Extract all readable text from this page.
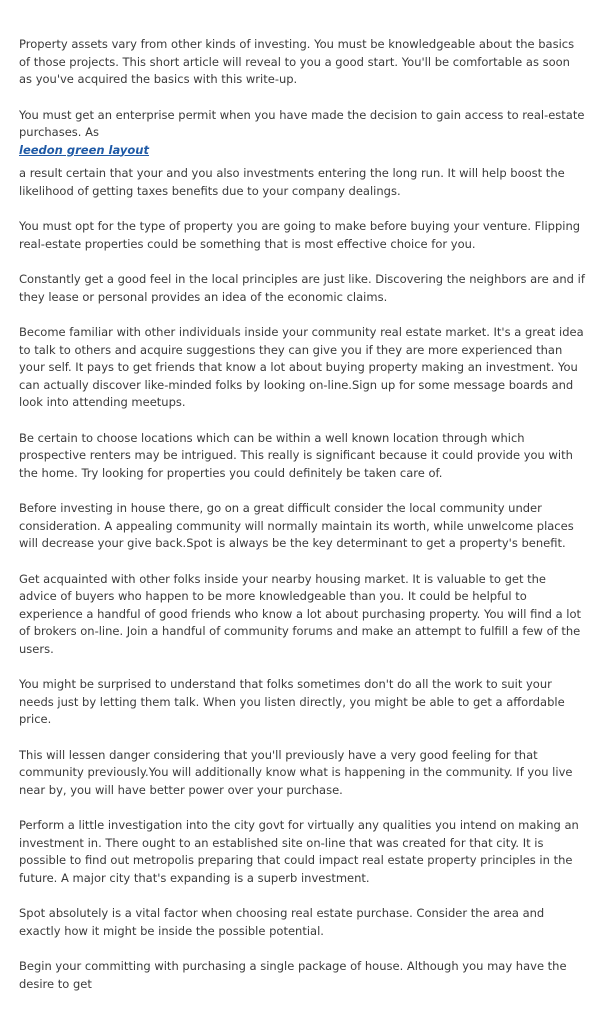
Property assets vary from other kinds of investing. You must be knowledgeable about the basics of those projects. This short article will reveal to you a good start. You'll be comfortable as soon as you've acquired the basics with this write-up.

You must get an enterprise permit when you have made the decision to gain access to real-estate purchases. As
leedon green layout

a result certain that your and you also investments entering the long run. It will help boost the likelihood of getting taxes benefits due to your company dealings.

You must opt for the type of property you are going to make before buying your venture. Flipping real-estate properties could be something that is most effective choice for you.

Constantly get a good feel in the local principles are just like. Discovering the neighbors are and if they lease or personal provides an idea of the economic claims.

Become familiar with other individuals inside your community real estate market. It's a great idea to talk to others and acquire suggestions they can give you if they are more experienced than your self. It pays to get friends that know a lot about buying property making an investment. You can actually discover like-minded folks by looking on-line.Sign up for some message boards and look into attending meetups.

Be certain to choose locations which can be within a well known location through which prospective renters may be intrigued. This really is significant because it could provide you with the home. Try looking for properties you could definitely be taken care of.

Before investing in house there, go on a great difficult consider the local community under consideration. A appealing community will normally maintain its worth, while unwelcome places will decrease your give back.Spot is always be the key determinant to get a property's benefit.

Get acquainted with other folks inside your nearby housing market. It is valuable to get the advice of buyers who happen to be more knowledgeable than you. It could be helpful to experience a handful of good friends who know a lot about purchasing property. You will find a lot of brokers on-line. Join a handful of community forums and make an attempt to fulfill a few of the users.

You might be surprised to understand that folks sometimes don't do all the work to suit your needs just by letting them talk. When you listen directly, you might be able to get a affordable price.

This will lessen danger considering that you'll previously have a very good feeling for that community previously.You will additionally know what is happening in the community. If you live near by, you will have better power over your purchase.

Perform a little investigation into the city govt for virtually any qualities you intend on making an investment in. There ought to an established site on-line that was created for that city. It is possible to find out metropolis preparing that could impact real estate property principles in the future. A major city that's expanding is a superb investment.

Spot absolutely is a vital factor when choosing real estate purchase. Consider the area and exactly how it might be inside the possible potential.

Begin your committing with purchasing a single package of house. Although you may have the desire to get
